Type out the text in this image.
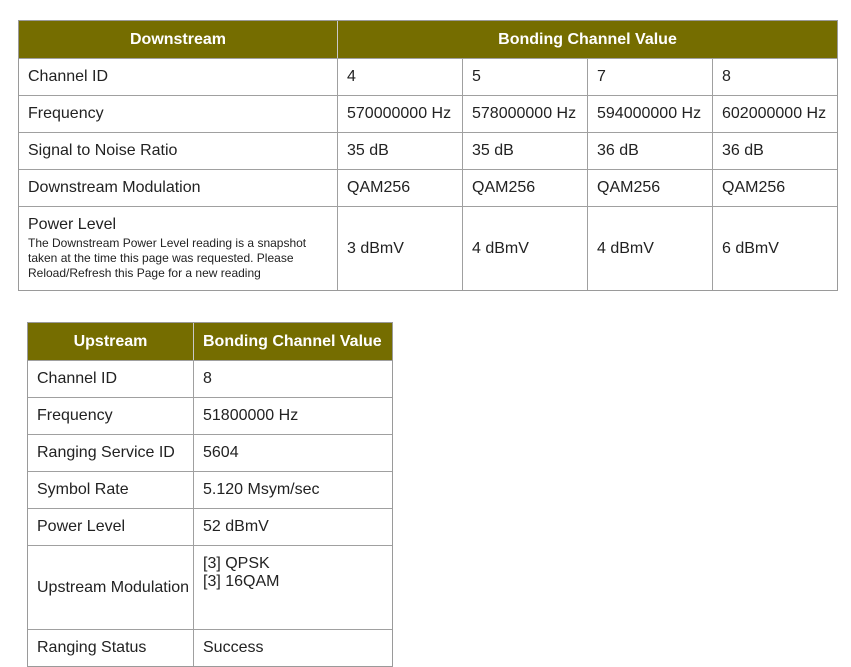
Downstream	Bonding Channel Value			
Channel ID	4	5	7	8
Frequency	570000000 Hz	578000000 Hz	594000000 Hz	602000000 Hz
Signal to Noise Ratio	35 dB	35 dB	36 dB	36 dB
Downstream Modulation	QAM256	QAM256	QAM256	QAM256

Power Level
The Downstream Power Level reading is a snapshot taken at the time this page was requested. Please Reload/Refresh this Page for a new reading	3 dBmV	4 dBmV	4 dBmV	6 dBmV
Upstream	Bonding Channel Value
Channel ID	8
Frequency	51800000 Hz
Ranging Service ID	5604
Symbol Rate	5.120 Msym/sec
Power Level	52 dBmV
Upstream Modulation	[3] QPSK
[3] 16QAM

Ranging Status	Success
